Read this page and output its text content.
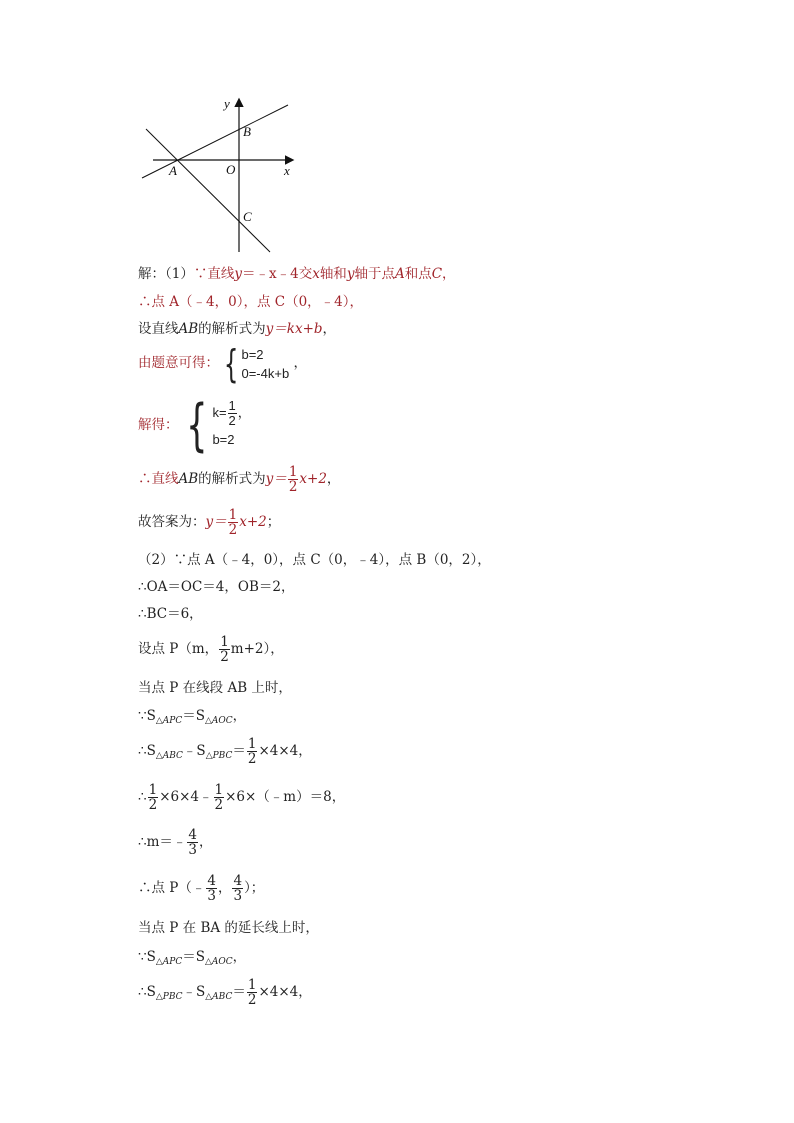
y
x
O
A
B
C
解：（1）∵直线y＝﹣x﹣4交x轴和y轴于点A和点C，
∴点 A（﹣4，0），点 C（0，﹣4），
设直线AB的解析式为y＝kx+b，
由题意可得： { b=2
0=-4k+b
，
解得： { $k= \frac{1}{2}$ ，
b=2
∴直线AB的解析式为$y= \frac{1}{2} x+2$，
故答案为：$y= \frac{1}{2} x+2$；
（2）∵点 A（﹣4，0），点 C（0，﹣4），点 B（0，2），
∴OA＝OC＝4，OB＝2，
∴BC＝6，
设点 P（m， $\frac{1}{2} m+2$），
当点 P 在线段 AB 上时，
$\because S_{\triangle APC}=S_{\triangle AOC}$，
$\therefore S_{\triangle ABC}﹣S_{\triangle PBC}= \frac{1}{2} \times 4\times 4$，
∴ $\frac{1}{2}$ ×6×4﹣ $\frac{1}{2}$ ×6×（﹣m）＝8，
∴m＝﹣ $\frac{4}{3}$ ，
∴点 P（﹣ $\frac{4}{3}$ ， $\frac{4}{3}$ ）；
当点 P 在 BA 的延长线上时，
$\because S_{\triangle APC}=S_{\triangle AOC}$，
$\therefore S_{\triangle PBC}﹣S_{\triangle ABC}= \frac{1}{2} \times 4\times 4$，
